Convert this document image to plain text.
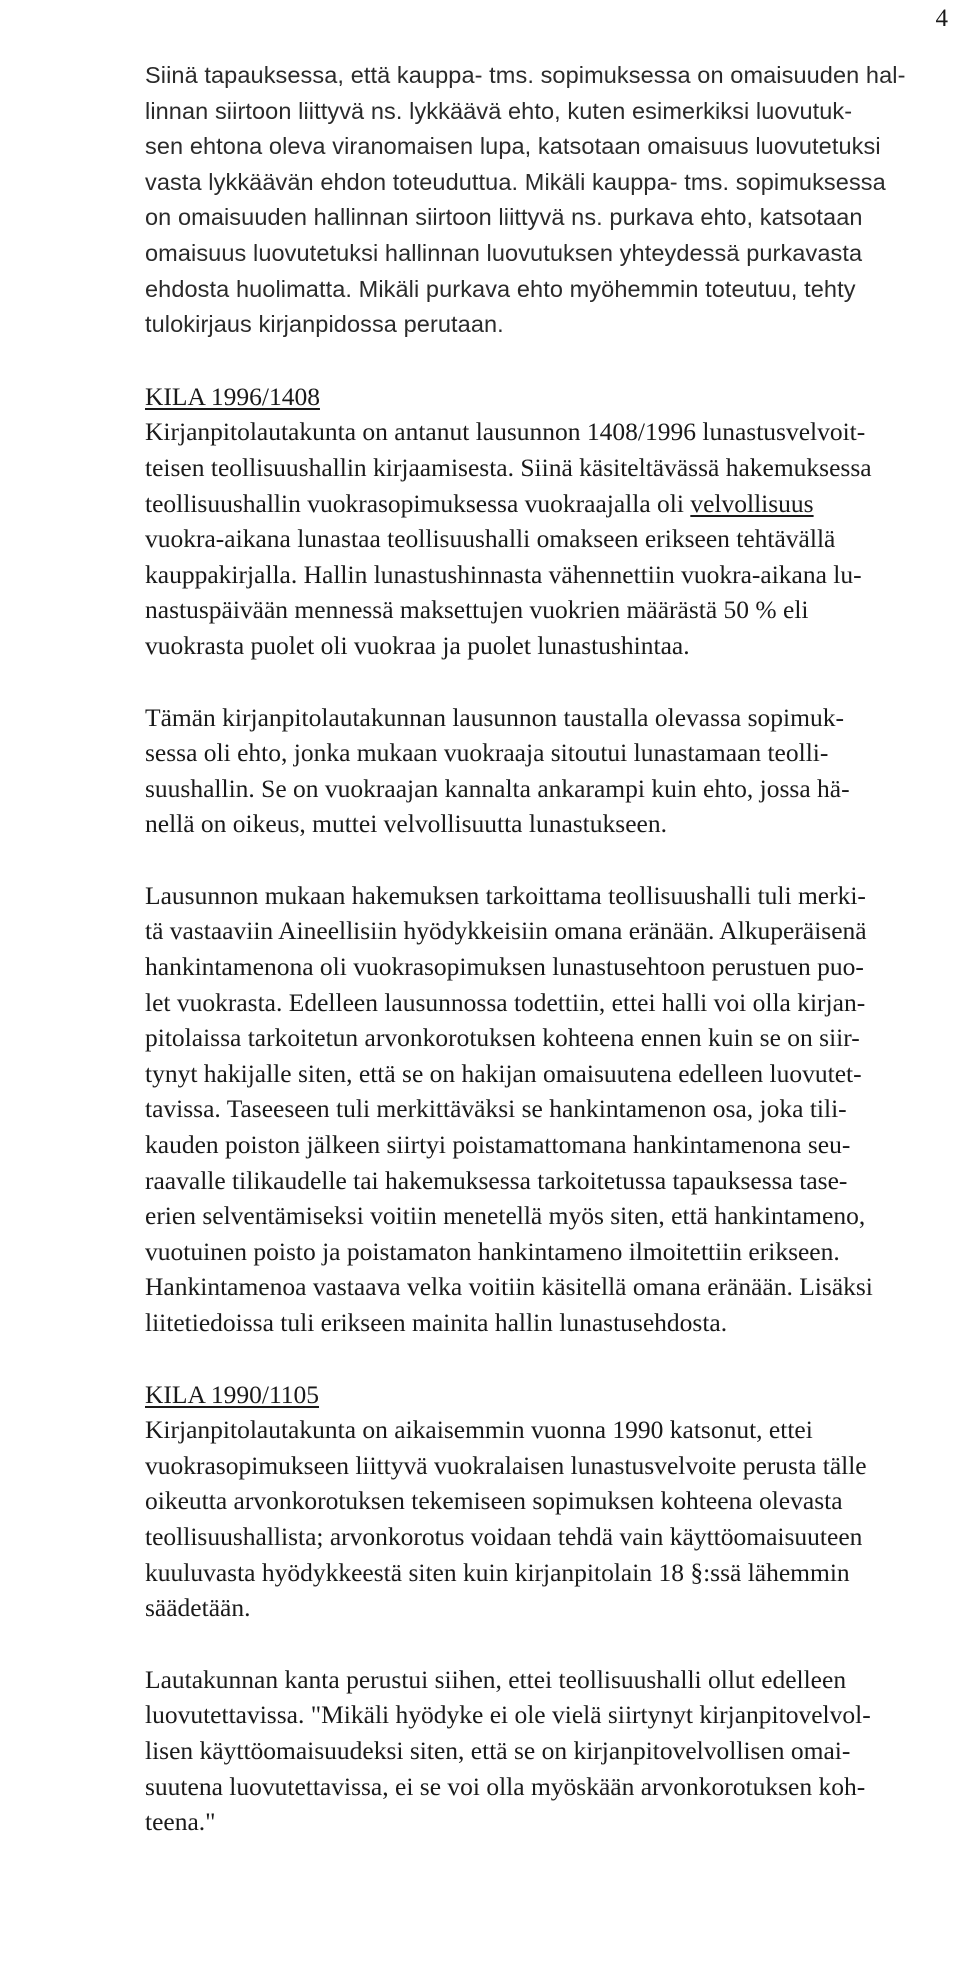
4
Siinä tapauksessa, että kauppa- tms. sopimuksessa on omaisuuden hal-
linnan siirtoon liittyvä ns. lykkäävä ehto, kuten esimerkiksi luovutuk-
sen ehtona oleva viranomaisen lupa, katsotaan omaisuus luovutetuksi
vasta lykkäävän ehdon toteuduttua. Mikäli kauppa- tms. sopimuksessa
on omaisuuden hallinnan siirtoon liittyvä ns. purkava ehto, katsotaan
omaisuus luovutetuksi hallinnan luovutuksen yhteydessä purkavasta
ehdosta huolimatta. Mikäli purkava ehto myöhemmin toteutuu, tehty
tulokirjaus kirjanpidossa perutaan.
KILA 1996/1408
Kirjanpitolautakunta on antanut lausunnon 1408/1996 lunastusvelvoit-
teisen teollisuushallin kirjaamisesta. Siinä käsiteltävässä hakemuksessa
teollisuushallin vuokrasopimuksessa vuokraajalla oli velvollisuus
vuokra-aikana lunastaa teollisuushalli omakseen erikseen tehtävällä
kauppakirjalla. Hallin lunastushinnasta vähennettiin vuokra-aikana lu-
nastuspäivään mennessä maksettujen vuokrien määrästä 50 % eli
vuokrasta puolet oli vuokraa ja puolet lunastushintaa.
Tämän kirjanpitolautakunnan lausunnon taustalla olevassa sopimuk-
sessa oli ehto, jonka mukaan vuokraaja sitoutui lunastamaan teolli-
suushallin. Se on vuokraajan kannalta ankarampi kuin ehto, jossa hä-
nellä on oikeus, muttei velvollisuutta lunastukseen.
Lausunnon mukaan hakemuksen tarkoittama teollisuushalli tuli merki-
tä vastaaviin Aineellisiin hyödykkeisiin omana eränään. Alkuperäisenä
hankintamenona oli vuokrasopimuksen lunastusehtoon perustuen puo-
let vuokrasta. Edelleen lausunnossa todettiin, ettei halli voi olla kirjan-
pitolaissa tarkoitetun arvonkorotuksen kohteena ennen kuin se on siir-
tynyt hakijalle siten, että se on hakijan omaisuutena edelleen luovutet-
tavissa. Taseeseen tuli merkittäväksi se hankintamenon osa, joka tili-
kauden poiston jälkeen siirtyi poistamattomana hankintamenona seu-
raavalle tilikaudelle tai hakemuksessa tarkoitetussa tapauksessa tase-
erien selventämiseksi voitiin menetellä myös siten, että hankintameno,
vuotuinen poisto ja poistamaton hankintameno ilmoitettiin erikseen.
Hankintamenoa vastaava velka voitiin käsitellä omana eränään. Lisäksi
liitetiedoissa tuli erikseen mainita hallin lunastusehdosta.
KILA 1990/1105
Kirjanpitolautakunta on aikaisemmin vuonna 1990 katsonut, ettei
vuokrasopimukseen liittyvä vuokralaisen lunastusvelvoite perusta tälle
oikeutta arvonkorotuksen tekemiseen sopimuksen kohteena olevasta
teollisuushallista; arvonkorotus voidaan tehdä vain käyttöomaisuuteen
kuuluvasta hyödykkeestä siten kuin kirjanpitolain 18 §:ssä lähemmin
säädetään.
Lautakunnan kanta perustui siihen, ettei teollisuushalli ollut edelleen
luovutettavissa. "Mikäli hyödyke ei ole vielä siirtynyt kirjanpitovelvol-
lisen käyttöomaisuudeksi siten, että se on kirjanpitovelvollisen omai-
suutena luovutettavissa, ei se voi olla myöskään arvonkorotuksen koh-
teena."
